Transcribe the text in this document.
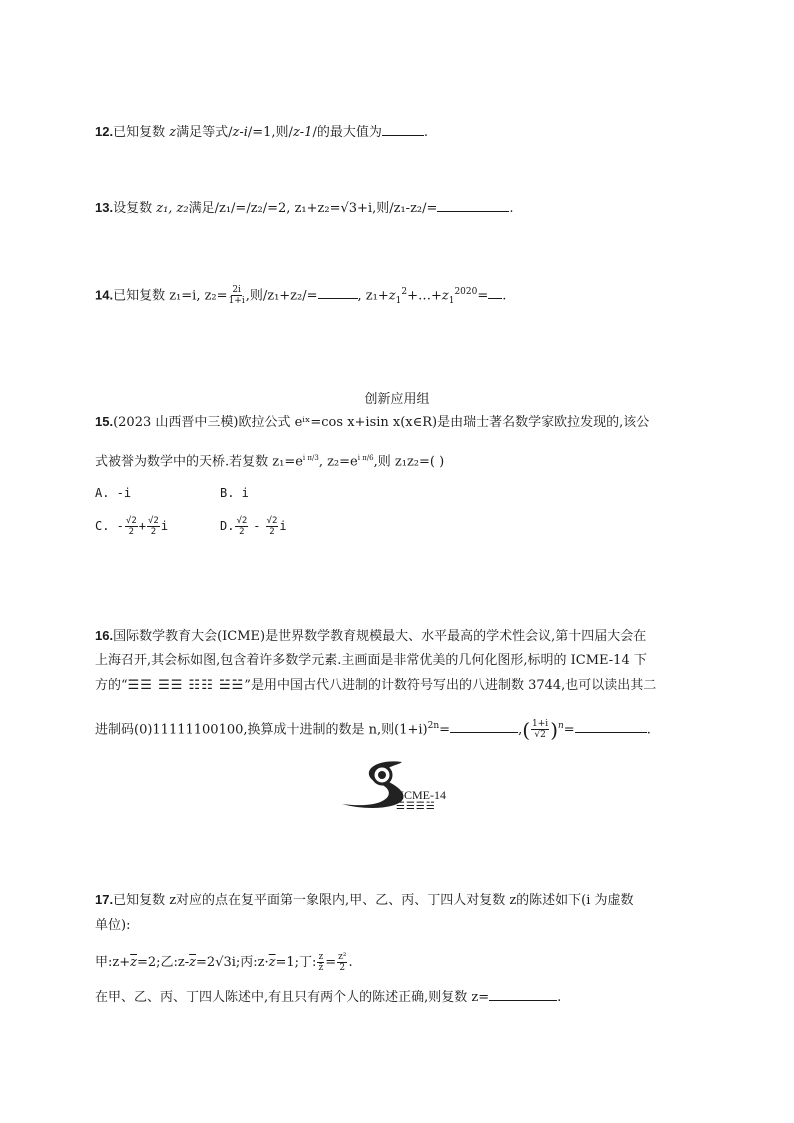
12.已知复数 z满足等式/z-i/=1,则/z-1/的最大值为	.
13.设复数 z₁, z₂满足/z₁/=/z₂/=2, z₁+z₂=√3+i,则/z₁-z₂/=	.
14.已知复数 z₁=i, $z_2= \frac{2i}{1+i}$ ,则/z₁+z₂/=	, $z_1+z_1^2+\dots+z_1^{2020}=$ .
创新应用组
15.(2023 山西晋中三模)欧拉公式 eⁱˣ=cos x+isin x(x∈R)是由瑞士著名数学家欧拉发现的,该公
式被誉为数学中的天桥.若复数 $z_1=e^{i \pi/3}$, $z_2=e^{i \pi/6}$,则 z₁z₂=( )
A. -i	B. i
C. - $\frac{√2}{2} + \frac{√2}{2}$ i	D. $\frac{√2}{2} - \frac{√2}{2}$ i
16.国际数学教育大会(ICME)是世界数学教育规模最大、水平最高的学术性会议,第十四届大会在
上海召开,其会标如图,包含着许多数学元素.主画面是非常优美的几何化图形,标明的 ICME-14 下
方的“☰☰ ☰☰ ☷☷ ☱☱”是用中国古代八进制的计数符号写出的八进制数 3744,也可以读出其二
进制码(0)11111100100,换算成十进制的数是 n,则$(1+i)^{2n}=$	,( $\frac{1+i}{√2} )^n=$	.
ICME-14
☰☰☰☱
17.已知复数 z对应的点在复平面第一象限内,甲、乙、丙、丁四人对复数 z的陈述如下(i 为虚数
单位):
甲$:z+\overline{z}=2$;乙$:z-\overline{z}=2√3i$;丙$:z\cdot\overline{z}=1$;丁: $\frac{z}{z̄} = \frac{\text{z²}}{2}$ .
在甲、乙、丙、丁四人陈述中,有且只有两个人的陈述正确,则复数 z=	.
